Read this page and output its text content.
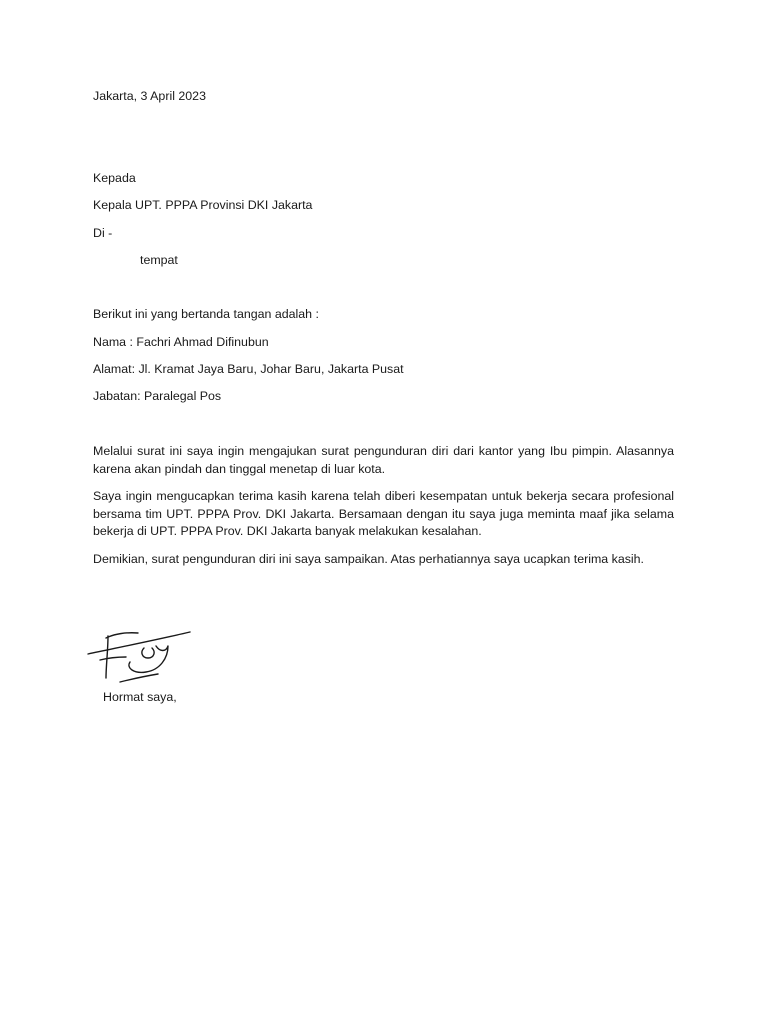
Jakarta, 3 April 2023
Kepada
Kepala UPT. PPPA Provinsi DKI Jakarta
Di -
tempat
Berikut ini yang bertanda tangan adalah :
Nama : Fachri Ahmad Difinubun
Alamat: Jl. Kramat Jaya Baru, Johar Baru, Jakarta Pusat
Jabatan: Paralegal Pos
Melalui surat ini saya ingin mengajukan surat pengunduran diri dari kantor yang Ibu pimpin. Alasannya karena akan pindah dan tinggal menetap di luar kota.
Saya ingin mengucapkan terima kasih karena telah diberi kesempatan untuk bekerja secara profesional bersama tim UPT. PPPA Prov. DKI Jakarta. Bersamaan dengan itu saya juga meminta maaf jika selama bekerja di UPT. PPPA Prov. DKI Jakarta banyak melakukan kesalahan.
Demikian, surat pengunduran diri ini saya sampaikan. Atas perhatiannya saya ucapkan terima kasih.
Hormat saya,
